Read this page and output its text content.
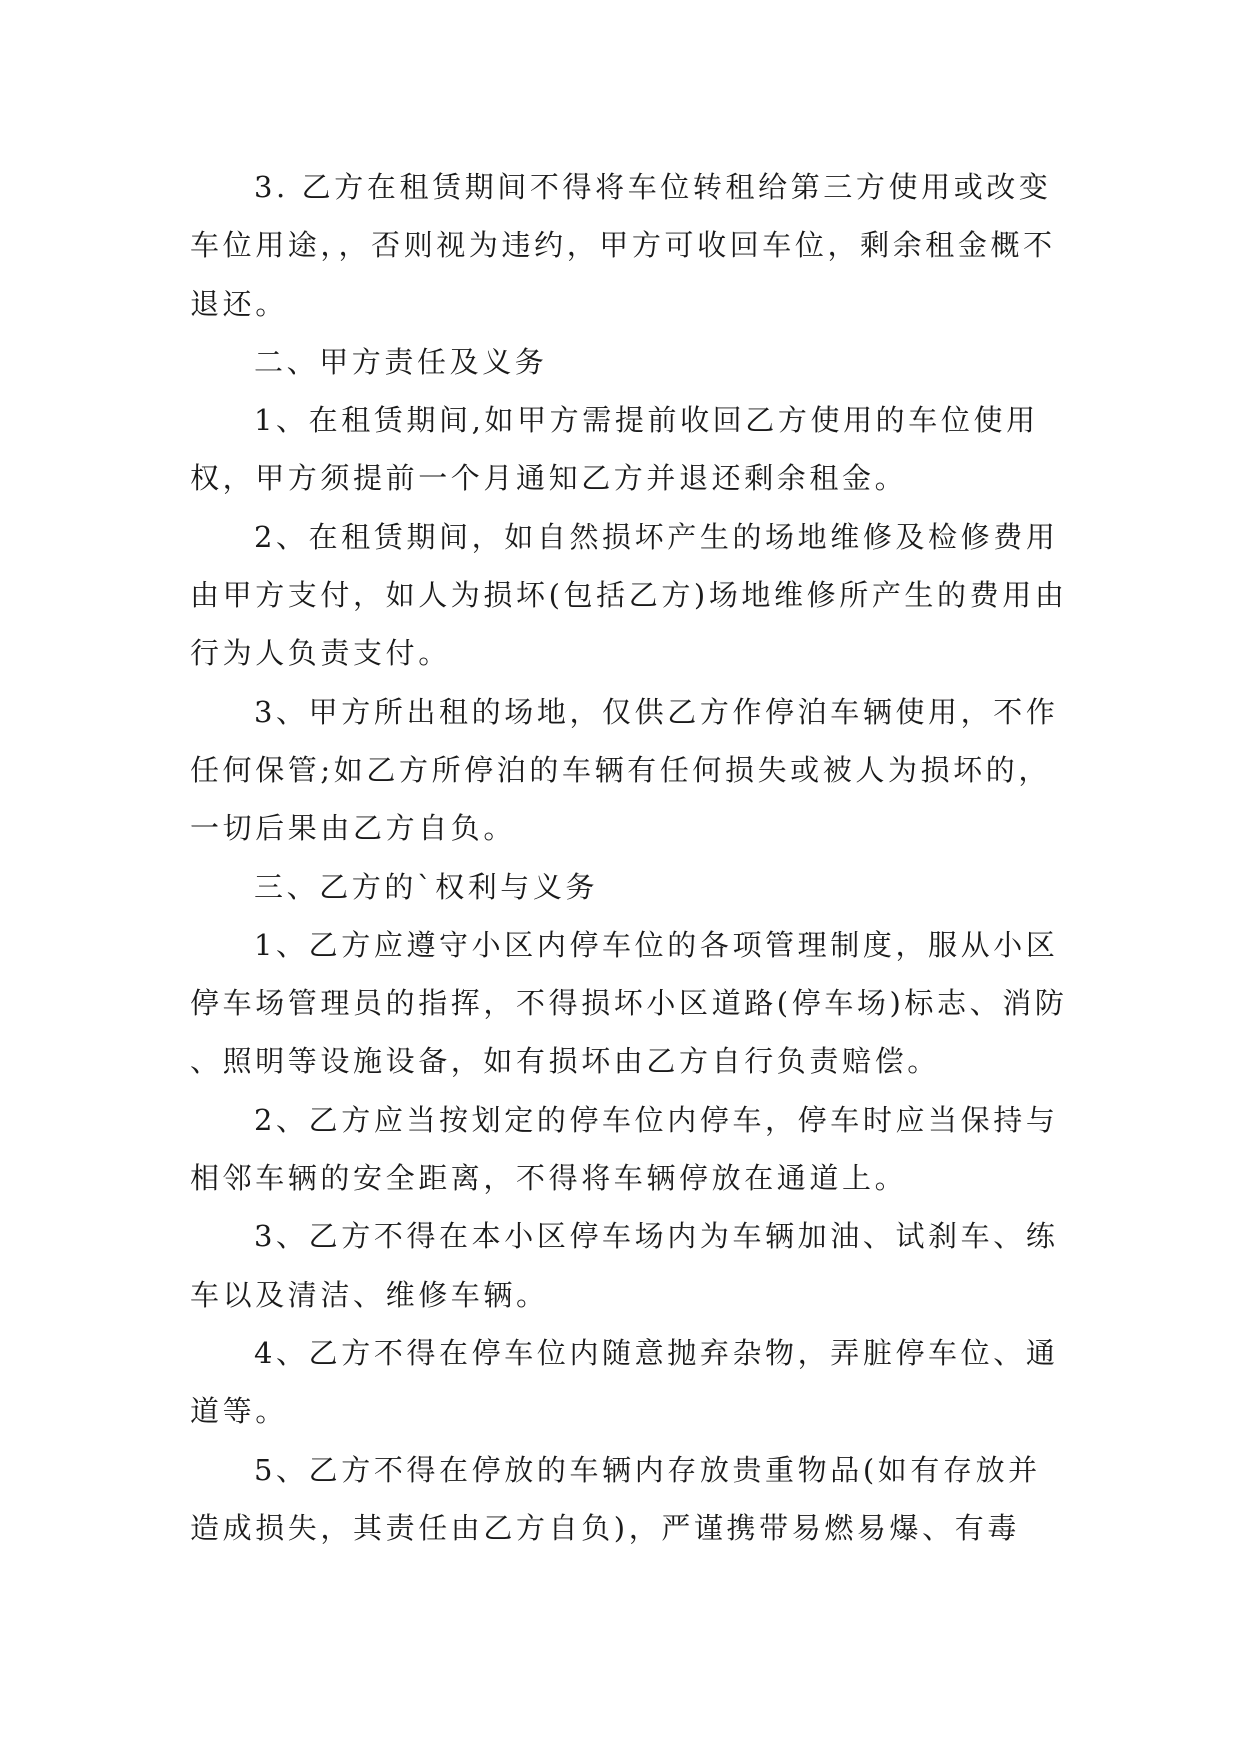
3. 乙方在租赁期间不得将车位转租给第三方使用或改变车位用途，，否则视为违约，甲方可收回车位，剩余租金概不退还。

二、甲方责任及义务

1、在租赁期间,如甲方需提前收回乙方使用的车位使用权，甲方须提前一个月通知乙方并退还剩余租金。

2、在租赁期间，如自然损坏产生的场地维修及检修费用由甲方支付，如人为损坏(包括乙方)场地维修所产生的费用由行为人负责支付。

3、甲方所出租的场地，仅供乙方作停泊车辆使用，不作任何保管;如乙方所停泊的车辆有任何损失或被人为损坏的，一切后果由乙方自负。

三、乙方的`权利与义务

1、乙方应遵守小区内停车位的各项管理制度，服从小区停车场管理员的指挥，不得损坏小区道路(停车场)标志、消防、照明等设施设备，如有损坏由乙方自行负责赔偿。

2、乙方应当按划定的停车位内停车，停车时应当保持与相邻车辆的安全距离，不得将车辆停放在通道上。

3、乙方不得在本小区停车场内为车辆加油、试刹车、练车以及清洁、维修车辆。

4、乙方不得在停车位内随意抛弃杂物，弄脏停车位、通道等。

5、乙方不得在停放的车辆内存放贵重物品(如有存放并造成损失，其责任由乙方自负)，严谨携带易燃易爆、有毒
